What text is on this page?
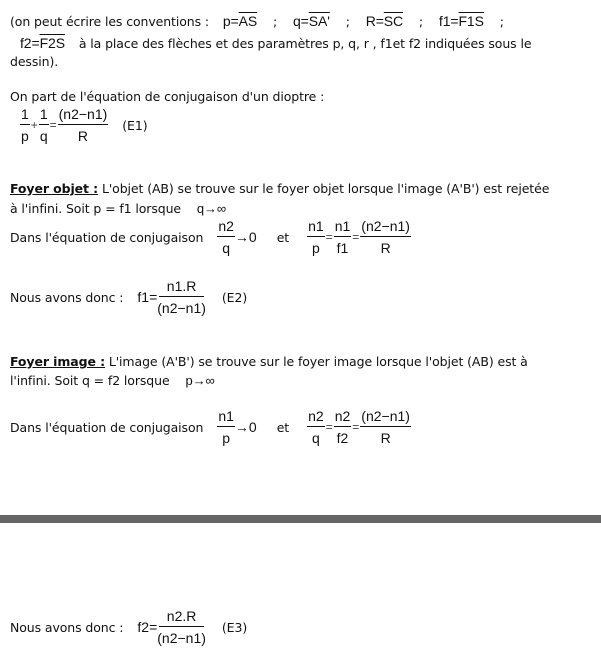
(on peut écrire les conventions : $p=\overline{AS}$ ; q=SA' ; $R=\overline{SC}$ ; f1=F1S ;
f2=F2S à la place des flèches et des paramètres p, q, r , f1et f2 indiquées sous le
dessin).
On part de l'équation de conjugaison d'un dioptre :
$\frac{1}{p} + \frac{1}{q} = \frac{(n2-n1)}{R} (E1)$
Foyer objet : L'objet (AB) se trouve sur le foyer objet lorsque l'image (A'B') est rejetée
à l'infini. Soit p = f1 lorsque q→∞
Dans l'équation de conjugaison $\frac{n2}{q} \to 0$ et $\frac{n1}{p} = \frac{n1}{f1} = \frac{(n2-n1)}{R}$
Nous avons donc : $f1= \frac{n1.R}{(n2-n1)} (E2)$
Foyer image : L'image (A'B') se trouve sur le foyer image lorsque l'objet (AB) est à
l'infini. Soit q = f2 lorsque p→∞
Dans l'équation de conjugaison $\frac{n1}{p} \to 0$ et $\frac{n2}{q} = \frac{n2}{f2} = \frac{(n2-n1)}{R}$
Nous avons donc : $f2= \frac{n2.R}{(n2-n1)} (E3)$
